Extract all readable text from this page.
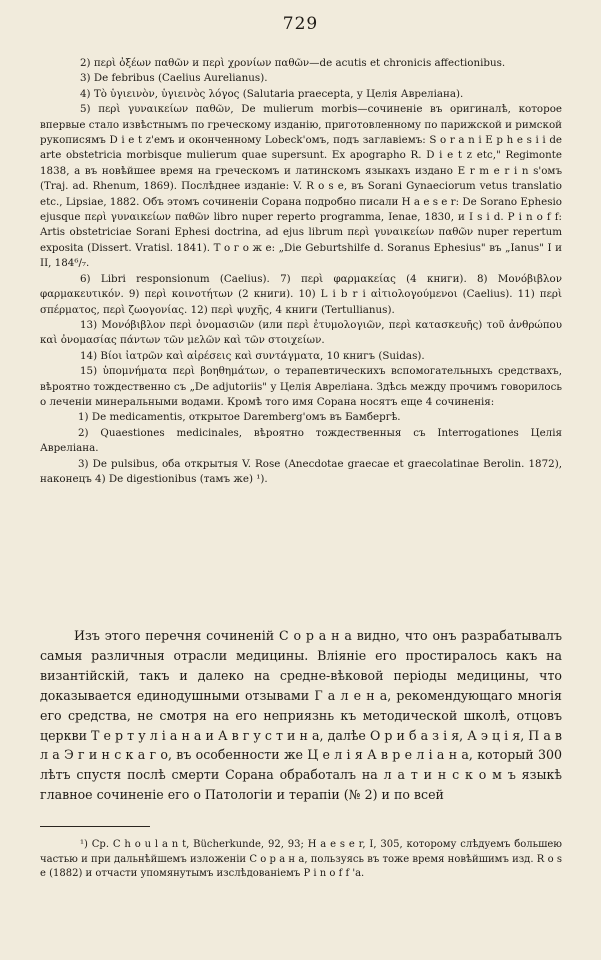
729

2) περὶ ὀξέων παθῶν и περὶ χρονίων παθῶν—de acutis et chronicis affectionibus.

3) De febribus (Caelius Aurelianus).

4) Τὸ ὑγιεινὸν, ὑγιεινὸς λόγος (Salutaria praecepta, у Целія Авреліана).

5) περὶ γυναικείων παθῶν, De mulierum morbis—сочиненіе въ оригиналѣ, которое впервые стало извѣстнымъ по греческому изданію, приготовленному по парижской и римской рукописямъ D i e t z'емъ и оконченному Lobeck'омъ, подъ заглавіемъ: S o r a n i E p h e s i i de arte obstetricia morbisque mulierum quae supersunt. Ex apographo R. D i e t z etc," Regimonte 1838, а въ новѣйшее время на греческомъ и латинскомъ языкахъ издано E r m e r i n s'омъ (Traj. ad. Rhenum, 1869). Послѣднее изданіе: V. R o s e, въ Sorani Gynaeciorum vetus translatio etc., Lipsiae, 1882. Объ этомъ сочиненіи Сорана подробно писали H a e s e r: De Sorano Ephesio ejusque περὶ γυναικείων παθῶν libro nuper reperto programma, Ienae, 1830, и I s i d. P i n o f f: Artis obstetriciae Sorani Ephesi doctrina, ad ejus librum περὶ γυναικείων παθῶν nuper repertum exposita (Dissert. Vratisl. 1841). Т о г о ж е: „Die Geburtshilfe d. Soranus Ephesius" въ „Ianus" I и II, 184⁶/₇.

6) Libri responsionum (Caelius). 7) περὶ φαρμακείας (4 книги). 8) Μονόβιβλον φαρμακευτικόν. 9) περὶ κοινοτήτων (2 книги). 10) L i b r i αἰτιολογούμενοι (Caelius). 11) περὶ σπέρματος, περὶ ζωογονίας. 12) περὶ ψυχῆς, 4 книги (Tertullianus).

13) Μονόβιβλον περὶ ὀνομασιῶν (или περὶ ἐτυμολογιῶν, περὶ κατασκευῆς) τοῦ ἀνθρώπου καὶ ὀνομασίας πάντων τῶν μελῶν καὶ τῶν στοιχείων.

14) Βίοι ἰατρῶν καὶ αἱρέσεις καὶ συντάγματα, 10 книгъ (Suidas).

15) ὑπομνήματα περὶ βοηθημάτων, о терапевтическихъ вспомогательныхъ средствахъ, вѣроятно тождественно съ „De adjutoriis" у Целія Авреліана. Здѣсь между прочимъ говорилось о леченіи минеральными водами. Кромѣ того имя Сорана носятъ еще 4 сочиненія:

1) De medicamentis, открытое Daremberg'омъ въ Бамбергѣ.

2) Quaestiones medicinales, вѣроятно тождественныя съ Interrogationes Целія Авреліана.

3) De pulsibus, оба открытыя V. Rose (Anecdotae graecae et graecolatinae Berolin. 1872), наконецъ 4) De digestionibus (тамъ же) ¹).

Изъ этого перечня сочиненій С о р а н а видно, что онъ разрабатывалъ самыя различныя отрасли медицины. Вліяніе его простиралось какъ на византійскій, такъ и далеко на средне-вѣковой періоды медицины, что доказывается единодушными отзывами Г а л е н а, рекомендующаго многія его средства, не смотря на его неприязнь къ методической школѣ, отцовъ церкви Т е р т у л і а н а и А в г у с т и н а, далѣе О р и б а з і я, А э ц і я, П а в л а Э г и н с к а г о, въ особенности же Ц е л і я А в р е л і а н а, который 300 лѣтъ спустя послѣ смерти Сорана обработалъ на л а т и н с к о м ъ языкѣ главное сочиненіе его о Патологіи и терапіи (№ 2) и по всей

¹) Ср. C h o u l a n t, Bücherkunde, 92, 93; H a e s e r, I, 305, которому слѣдуемъ большею частью и при дальнѣйшемъ изложеніи С о р а н а, пользуясь въ тоже время новѣйшимъ изд. R o s e (1882) и отчасти упомянутымъ изслѣдованіемъ P i n o f f 'a.
